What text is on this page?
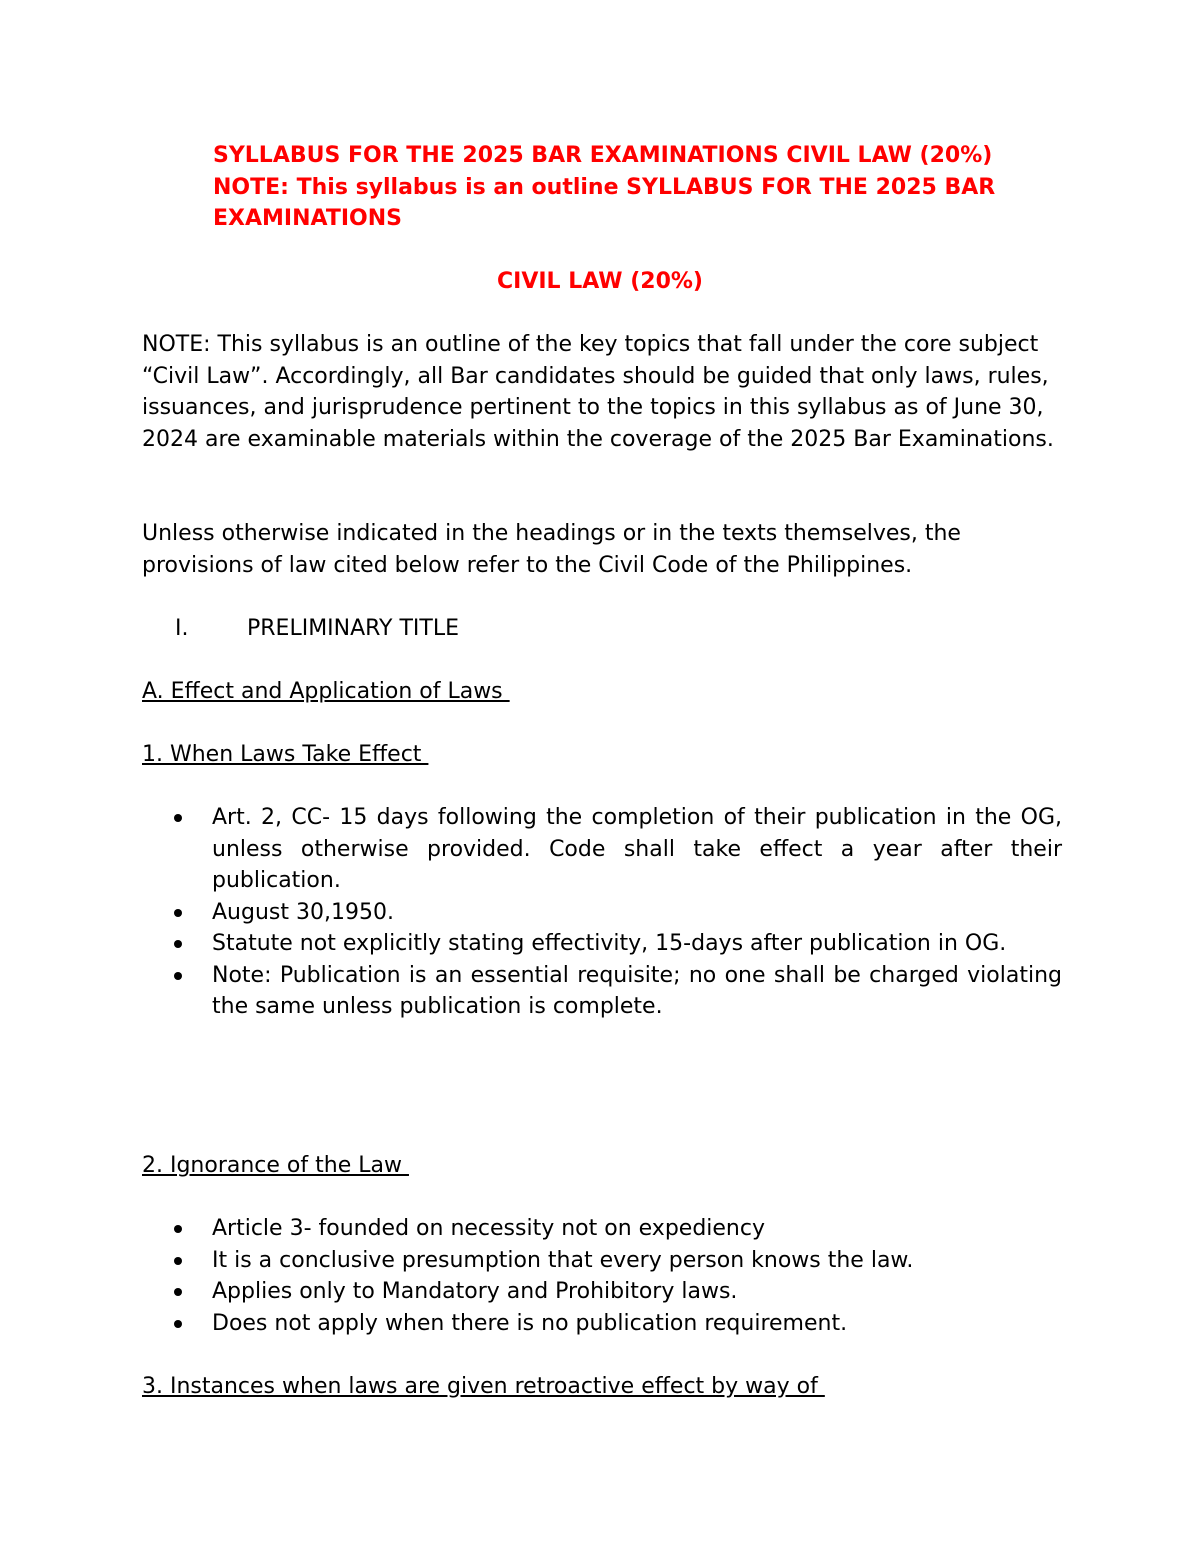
SYLLABUS FOR THE 2025 BAR EXAMINATIONS CIVIL LAW (20%) NOTE: This syllabus is an outline SYLLABUS FOR THE 2025 BAR EXAMINATIONS
CIVIL LAW (20%)
NOTE: This syllabus is an outline of the key topics that fall under the core subject “Civil Law”. Accordingly, all Bar candidates should be guided that only laws, rules, issuances, and jurisprudence pertinent to the topics in this syllabus as of June 30, 2024 are examinable materials within the coverage of the 2025 Bar Examinations.
Unless otherwise indicated in the headings or in the texts themselves, the provisions of law cited below refer to the Civil Code of the Philippines.
I.	PRELIMINARY TITLE
A. Effect and Application of Laws
1. When Laws Take Effect
Art. 2, CC- 15 days following the completion of their publication in the OG, unless otherwise provided. Code shall take effect a year after their publication.
August 30,1950.
Statute not explicitly stating effectivity, 15-days after publication in OG.
Note: Publication is an essential requisite; no one shall be charged violating the same unless publication is complete.
2. Ignorance of the Law
Article 3- founded on necessity not on expediency
It is a conclusive presumption that every person knows the law.
Applies only to Mandatory and Prohibitory laws.
Does not apply when there is no publication requirement.
3. Instances when laws are given retroactive effect by way of
